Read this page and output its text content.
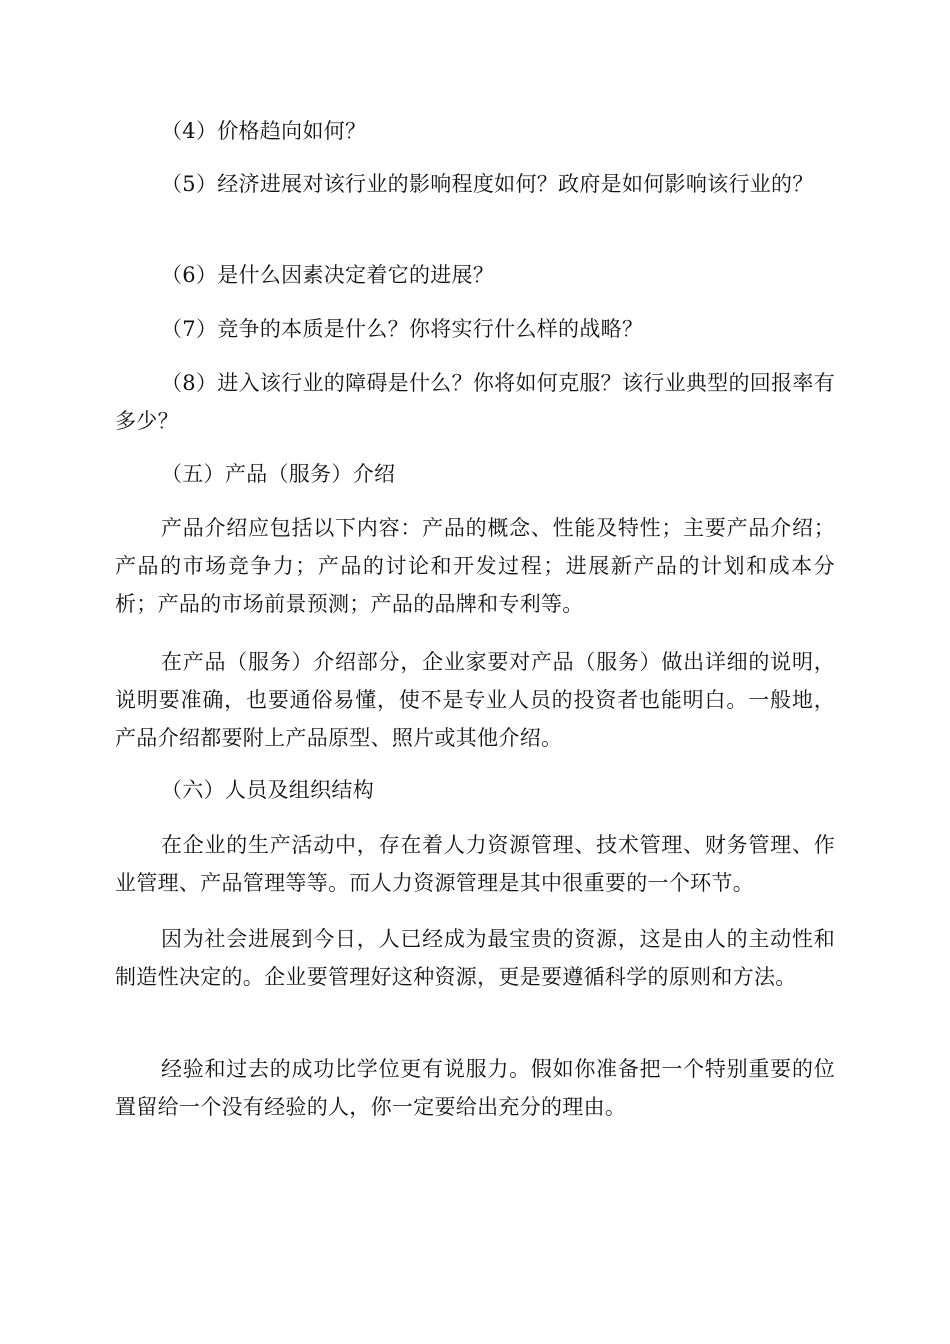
（4）价格趋向如何？

（5）经济进展对该行业的影响程度如何？政府是如何影响该行业的？

（6）是什么因素决定着它的进展？

（7）竞争的本质是什么？你将实行什么样的战略？

（8）进入该行业的障碍是什么？你将如何克服？该行业典型的回报率有多少？

（五）产品（服务）介绍

产品介绍应包括以下内容：产品的概念、性能及特性；主要产品介绍；产品的市场竞争力；产品的讨论和开发过程；进展新产品的计划和成本分析；产品的市场前景预测；产品的品牌和专利等。

在产品（服务）介绍部分，企业家要对产品（服务）做出详细的说明，说明要准确，也要通俗易懂，使不是专业人员的投资者也能明白。一般地，产品介绍都要附上产品原型、照片或其他介绍。

（六）人员及组织结构

在企业的生产活动中，存在着人力资源管理、技术管理、财务管理、作业管理、产品管理等等。而人力资源管理是其中很重要的一个环节。

因为社会进展到今日，人已经成为最宝贵的资源，这是由人的主动性和制造性决定的。企业要管理好这种资源，更是要遵循科学的原则和方法。

经验和过去的成功比学位更有说服力。假如你准备把一个特别重要的位置留给一个没有经验的人，你一定要给出充分的理由。
